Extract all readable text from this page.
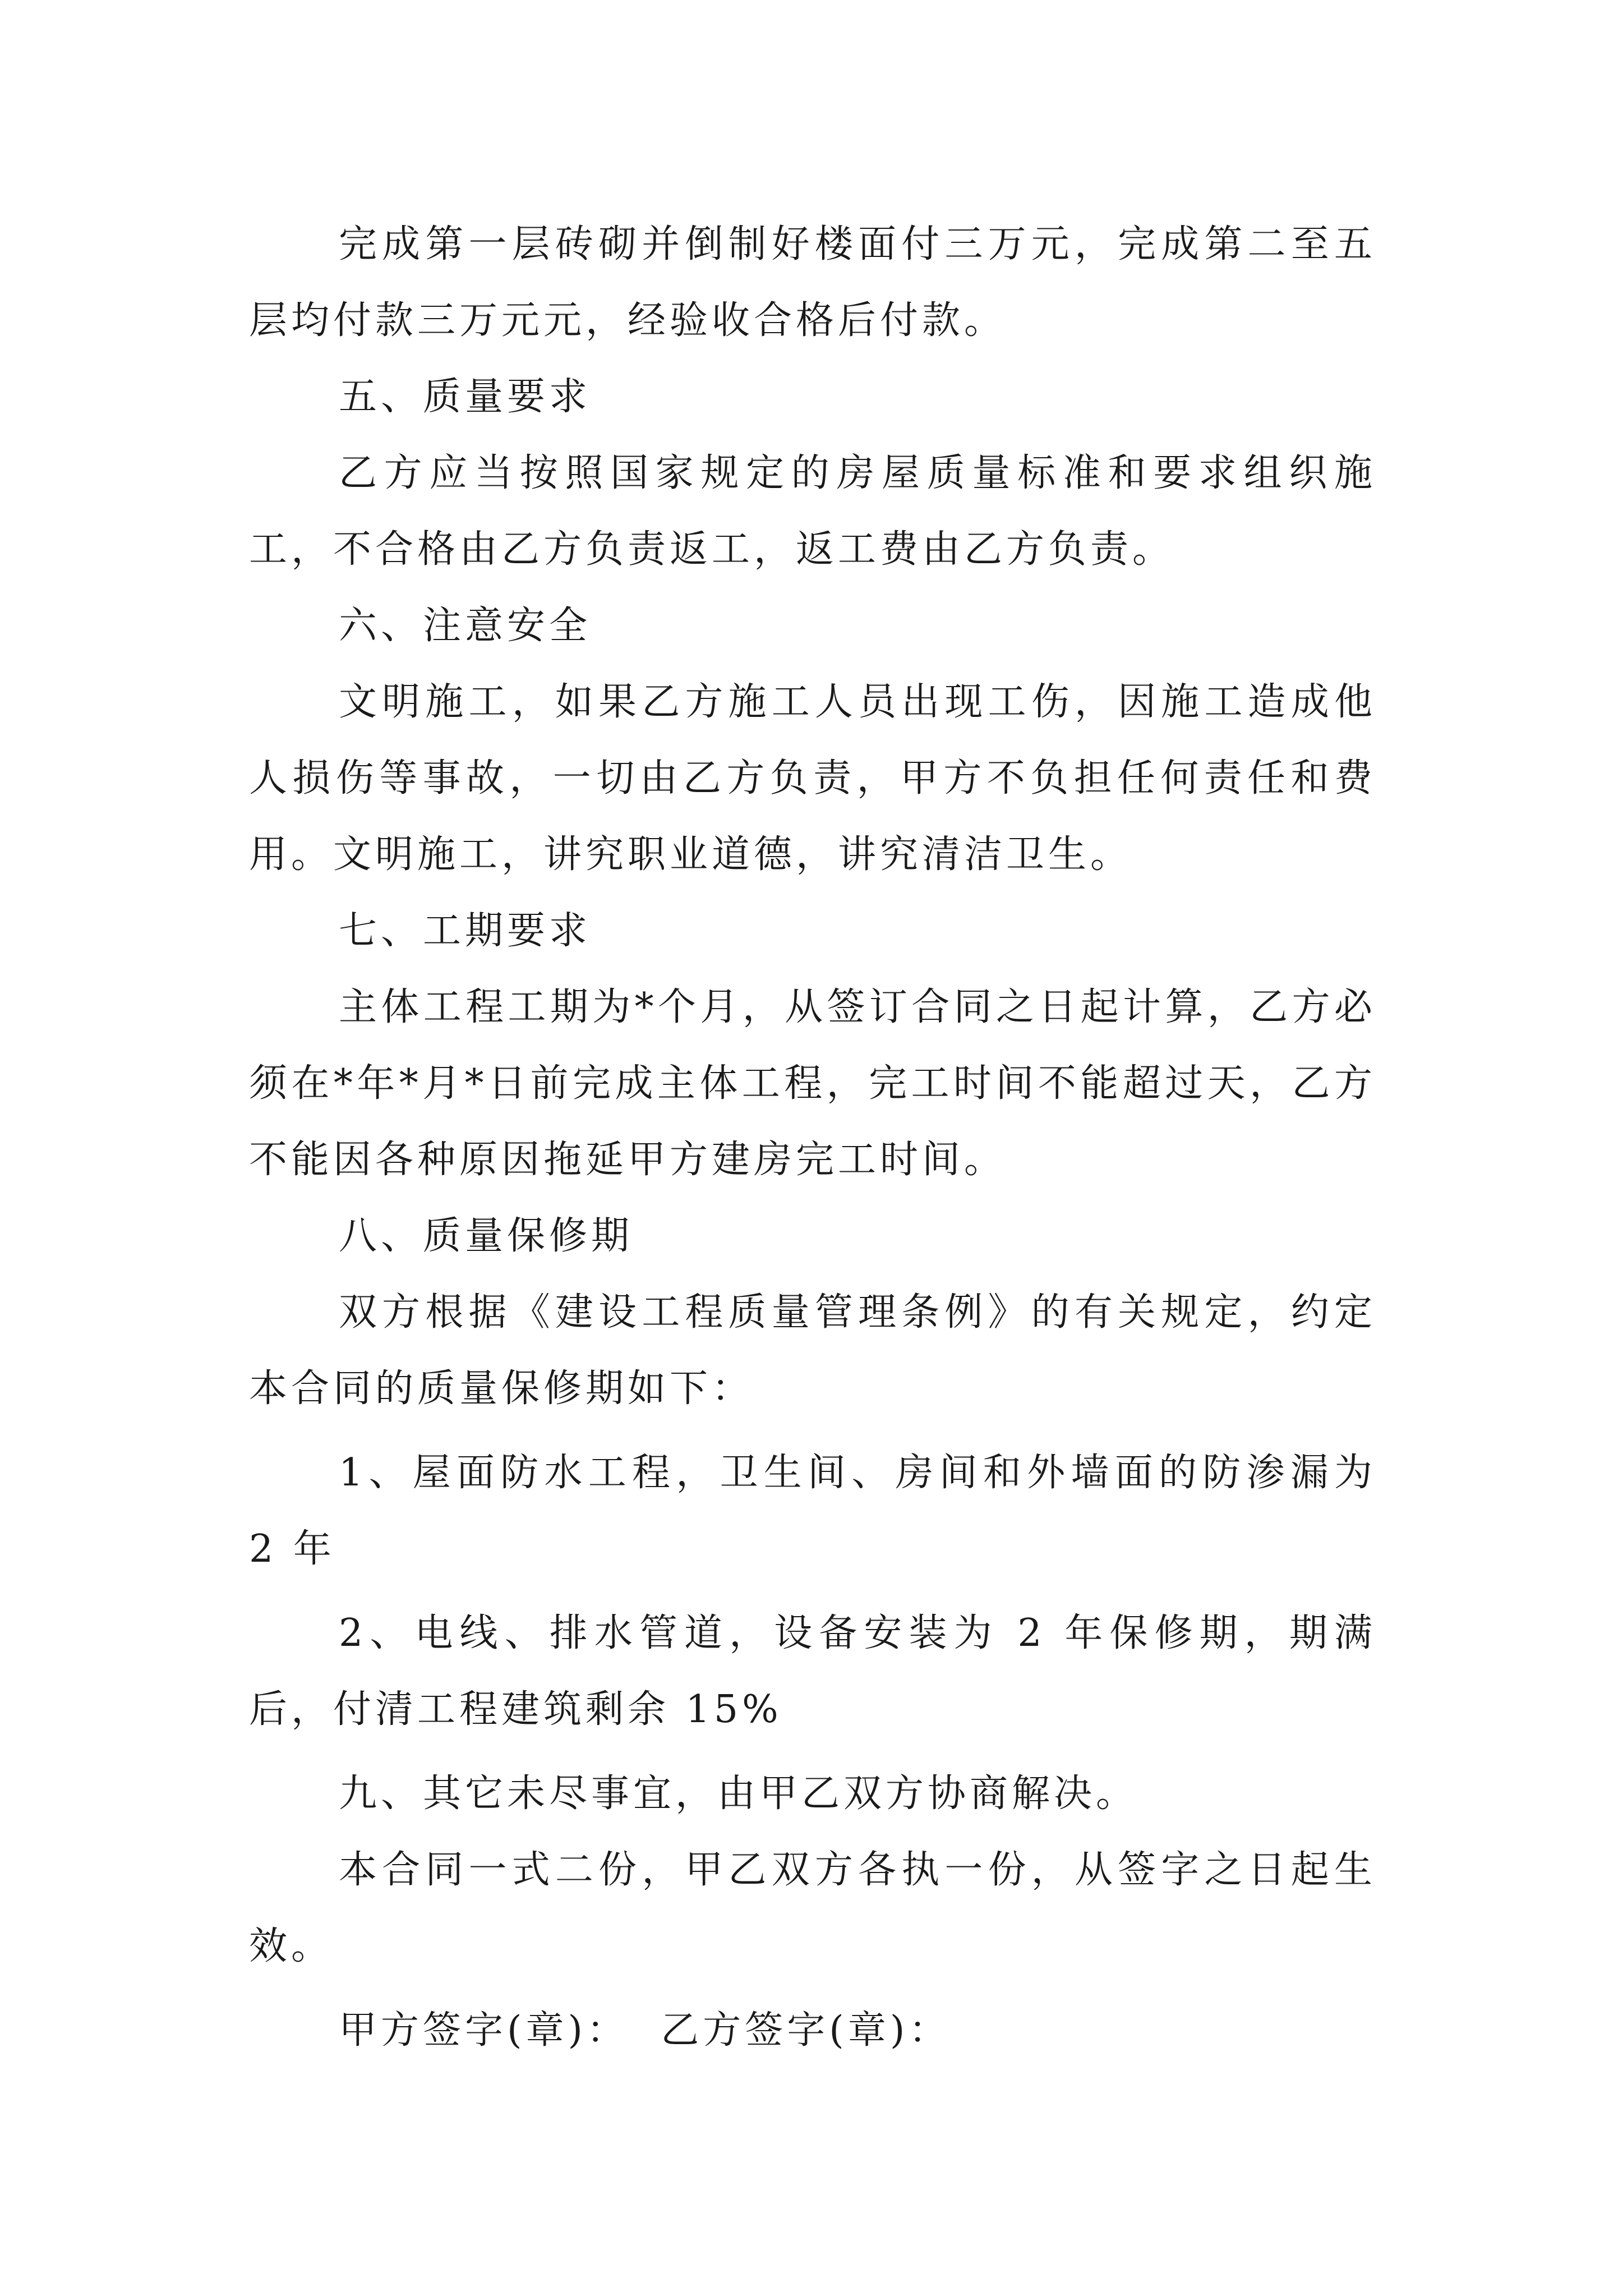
完成第一层砖砌并倒制好楼面付三万元，完成第二至五层均付款三万元元，经验收合格后付款。

五、质量要求

乙方应当按照国家规定的房屋质量标准和要求组织施工，不合格由乙方负责返工，返工费由乙方负责。

六、注意安全

文明施工，如果乙方施工人员出现工伤，因施工造成他人损伤等事故，一切由乙方负责，甲方不负担任何责任和费用。文明施工，讲究职业道德，讲究清洁卫生。

七、工期要求

主体工程工期为*个月，从签订合同之日起计算，乙方必须在*年*月*日前完成主体工程，完工时间不能超过天，乙方不能因各种原因拖延甲方建房完工时间。

八、质量保修期

双方根据《建设工程质量管理条例》的有关规定，约定本合同的质量保修期如下：

1、屋面防水工程，卫生间、房间和外墙面的防渗漏为 2 年

2、电线、排水管道，设备安装为 2 年保修期，期满后，付清工程建筑剩余 15%

九、其它未尽事宜，由甲乙双方协商解决。

本合同一式二份，甲乙双方各执一份，从签字之日起生效。

甲方签字(章)： 乙方签字(章)：
